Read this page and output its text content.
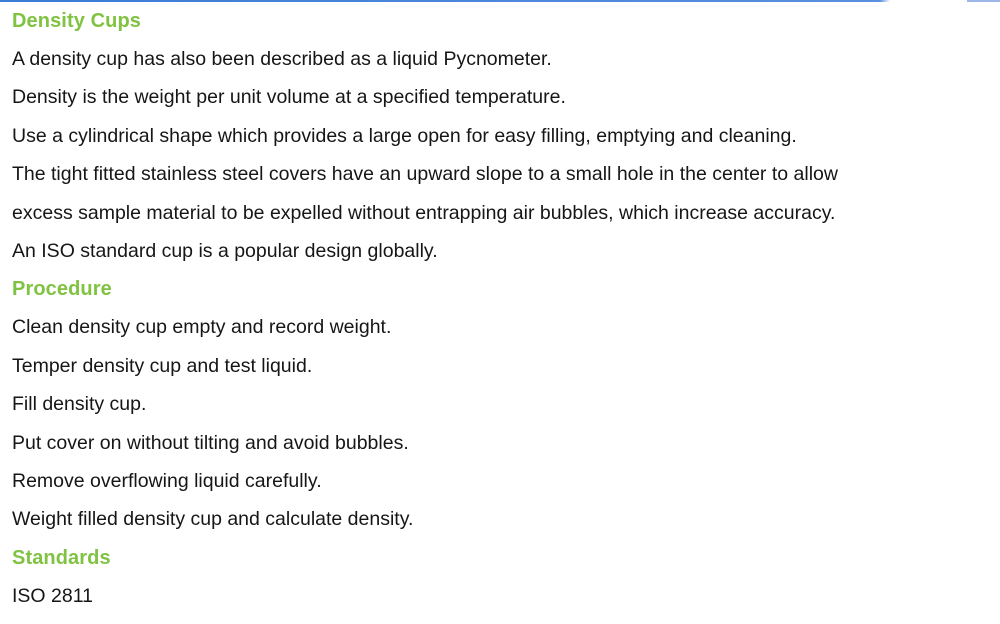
Density Cups
A density cup has also been described as a liquid Pycnometer.
Density is the weight per unit volume at a specified temperature.
Use a cylindrical shape which provides a large open for easy filling, emptying and cleaning.
The tight fitted stainless steel covers have an upward slope to a small hole in the center to allow
excess sample material to be expelled without entrapping air bubbles, which increase accuracy.
An ISO standard cup is a popular design globally.
Procedure
Clean density cup empty and record weight.
Temper density cup and test liquid.
Fill density cup.
Put cover on without tilting and avoid bubbles.
Remove overflowing liquid carefully.
Weight filled density cup and calculate density.
Standards
ISO 2811
